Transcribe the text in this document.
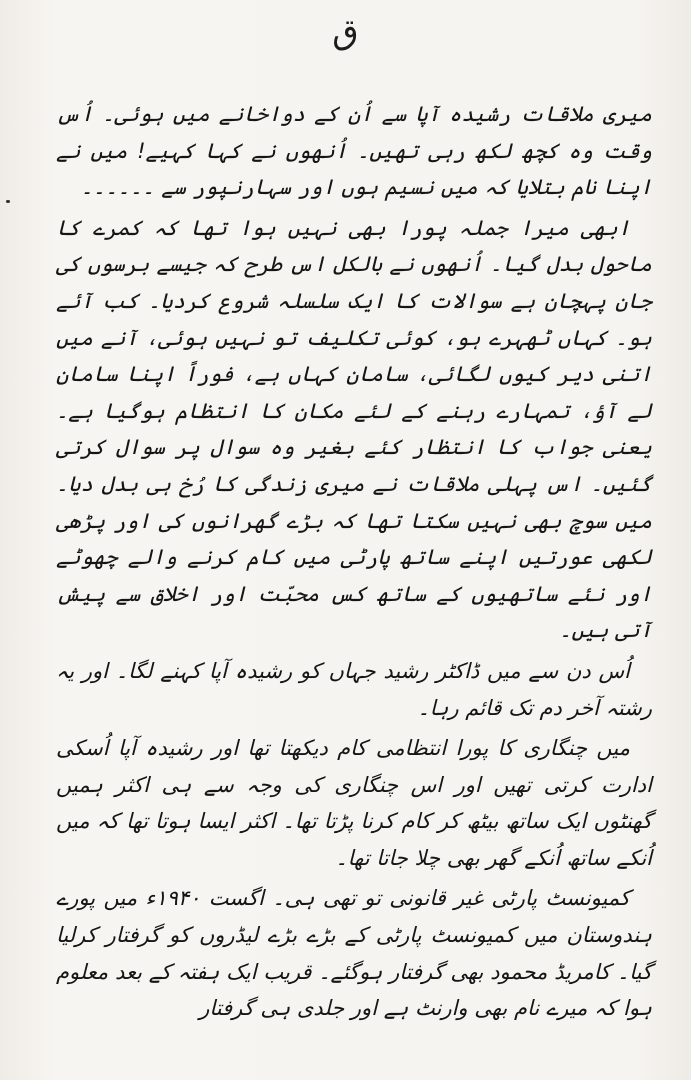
ق

میری ملاقات رشیدہ آپا سے اُن کے دواخانے میں ہوئی۔ اُس وقت وہ کچھ لکھ رہی تھیں۔ اُنھوں نے کہا کہیے! میں نے اپنا نام بتلایا کہ میں نسیم ہوں اور سہارنپور سے ۔۔۔۔۔۔

ابھی میرا جملہ پورا بھی نہیں ہوا تھا کہ کمرے کا ماحول بدل گیا۔ اُنھوں نے بالکل اس طرح کہ جیسے برسوں کی جان پہچان ہے سوالات کا ایک سلسلہ شروع کردیا۔ کب آئے ہو۔ کہاں ٹھہرے ہو، کوئی تکلیف تو نہیں ہوئی، آنے میں اتنی دیر کیوں لگائی، سامان کہاں ہے، فوراً اپنا سامان لے آؤ، تمہارے رہنے کے لئے مکان کا انتظام ہوگیا ہے۔ یعنی جواب کا انتظار کئے بغیر وہ سوال پر سوال کرتی گئیں۔ اس پہلی ملاقات نے میری زندگی کا رُخ ہی بدل دیا۔ میں سوچ بھی نہیں سکتا تھا کہ بڑے گھرانوں کی اور پڑھی لکھی عورتیں اپنے ساتھ پارٹی میں کام کرنے والے چھوٹے اور نئے ساتھیوں کے ساتھ کس محبّت اور اخلاق سے پیش آتی ہیں۔

اُس دن سے میں ڈاکٹر رشید جہاں کو رشیدہ آپا کہنے لگا۔ اور یہ رشتہ آخر دم تک قائم رہا۔

میں چنگاری کا پورا انتظامی کام دیکھتا تھا اور رشیدہ آپا اُسکی ادارت کرتی تھیں اور اس چنگاری کی وجہ سے ہی اکثر ہمیں گھنٹوں ایک ساتھ بیٹھ کر کام کرنا پڑتا تھا۔ اکثر ایسا ہوتا تھا کہ میں اُنکے ساتھ اُنکے گھر بھی چلا جاتا تھا۔

کمیونسٹ پارٹی غیر قانونی تو تھی ہی۔ اگست ۱۹۴۰ء میں پورے ہندوستان میں کمیونسٹ پارٹی کے بڑے بڑے لیڈروں کو گرفتار کرلیا گیا۔ کامریڈ محمود بھی گرفتار ہوگئے۔ قریب ایک ہفتہ کے بعد معلوم ہوا کہ میرے نام بھی وارنٹ ہے اور جلدی ہی گرفتار
